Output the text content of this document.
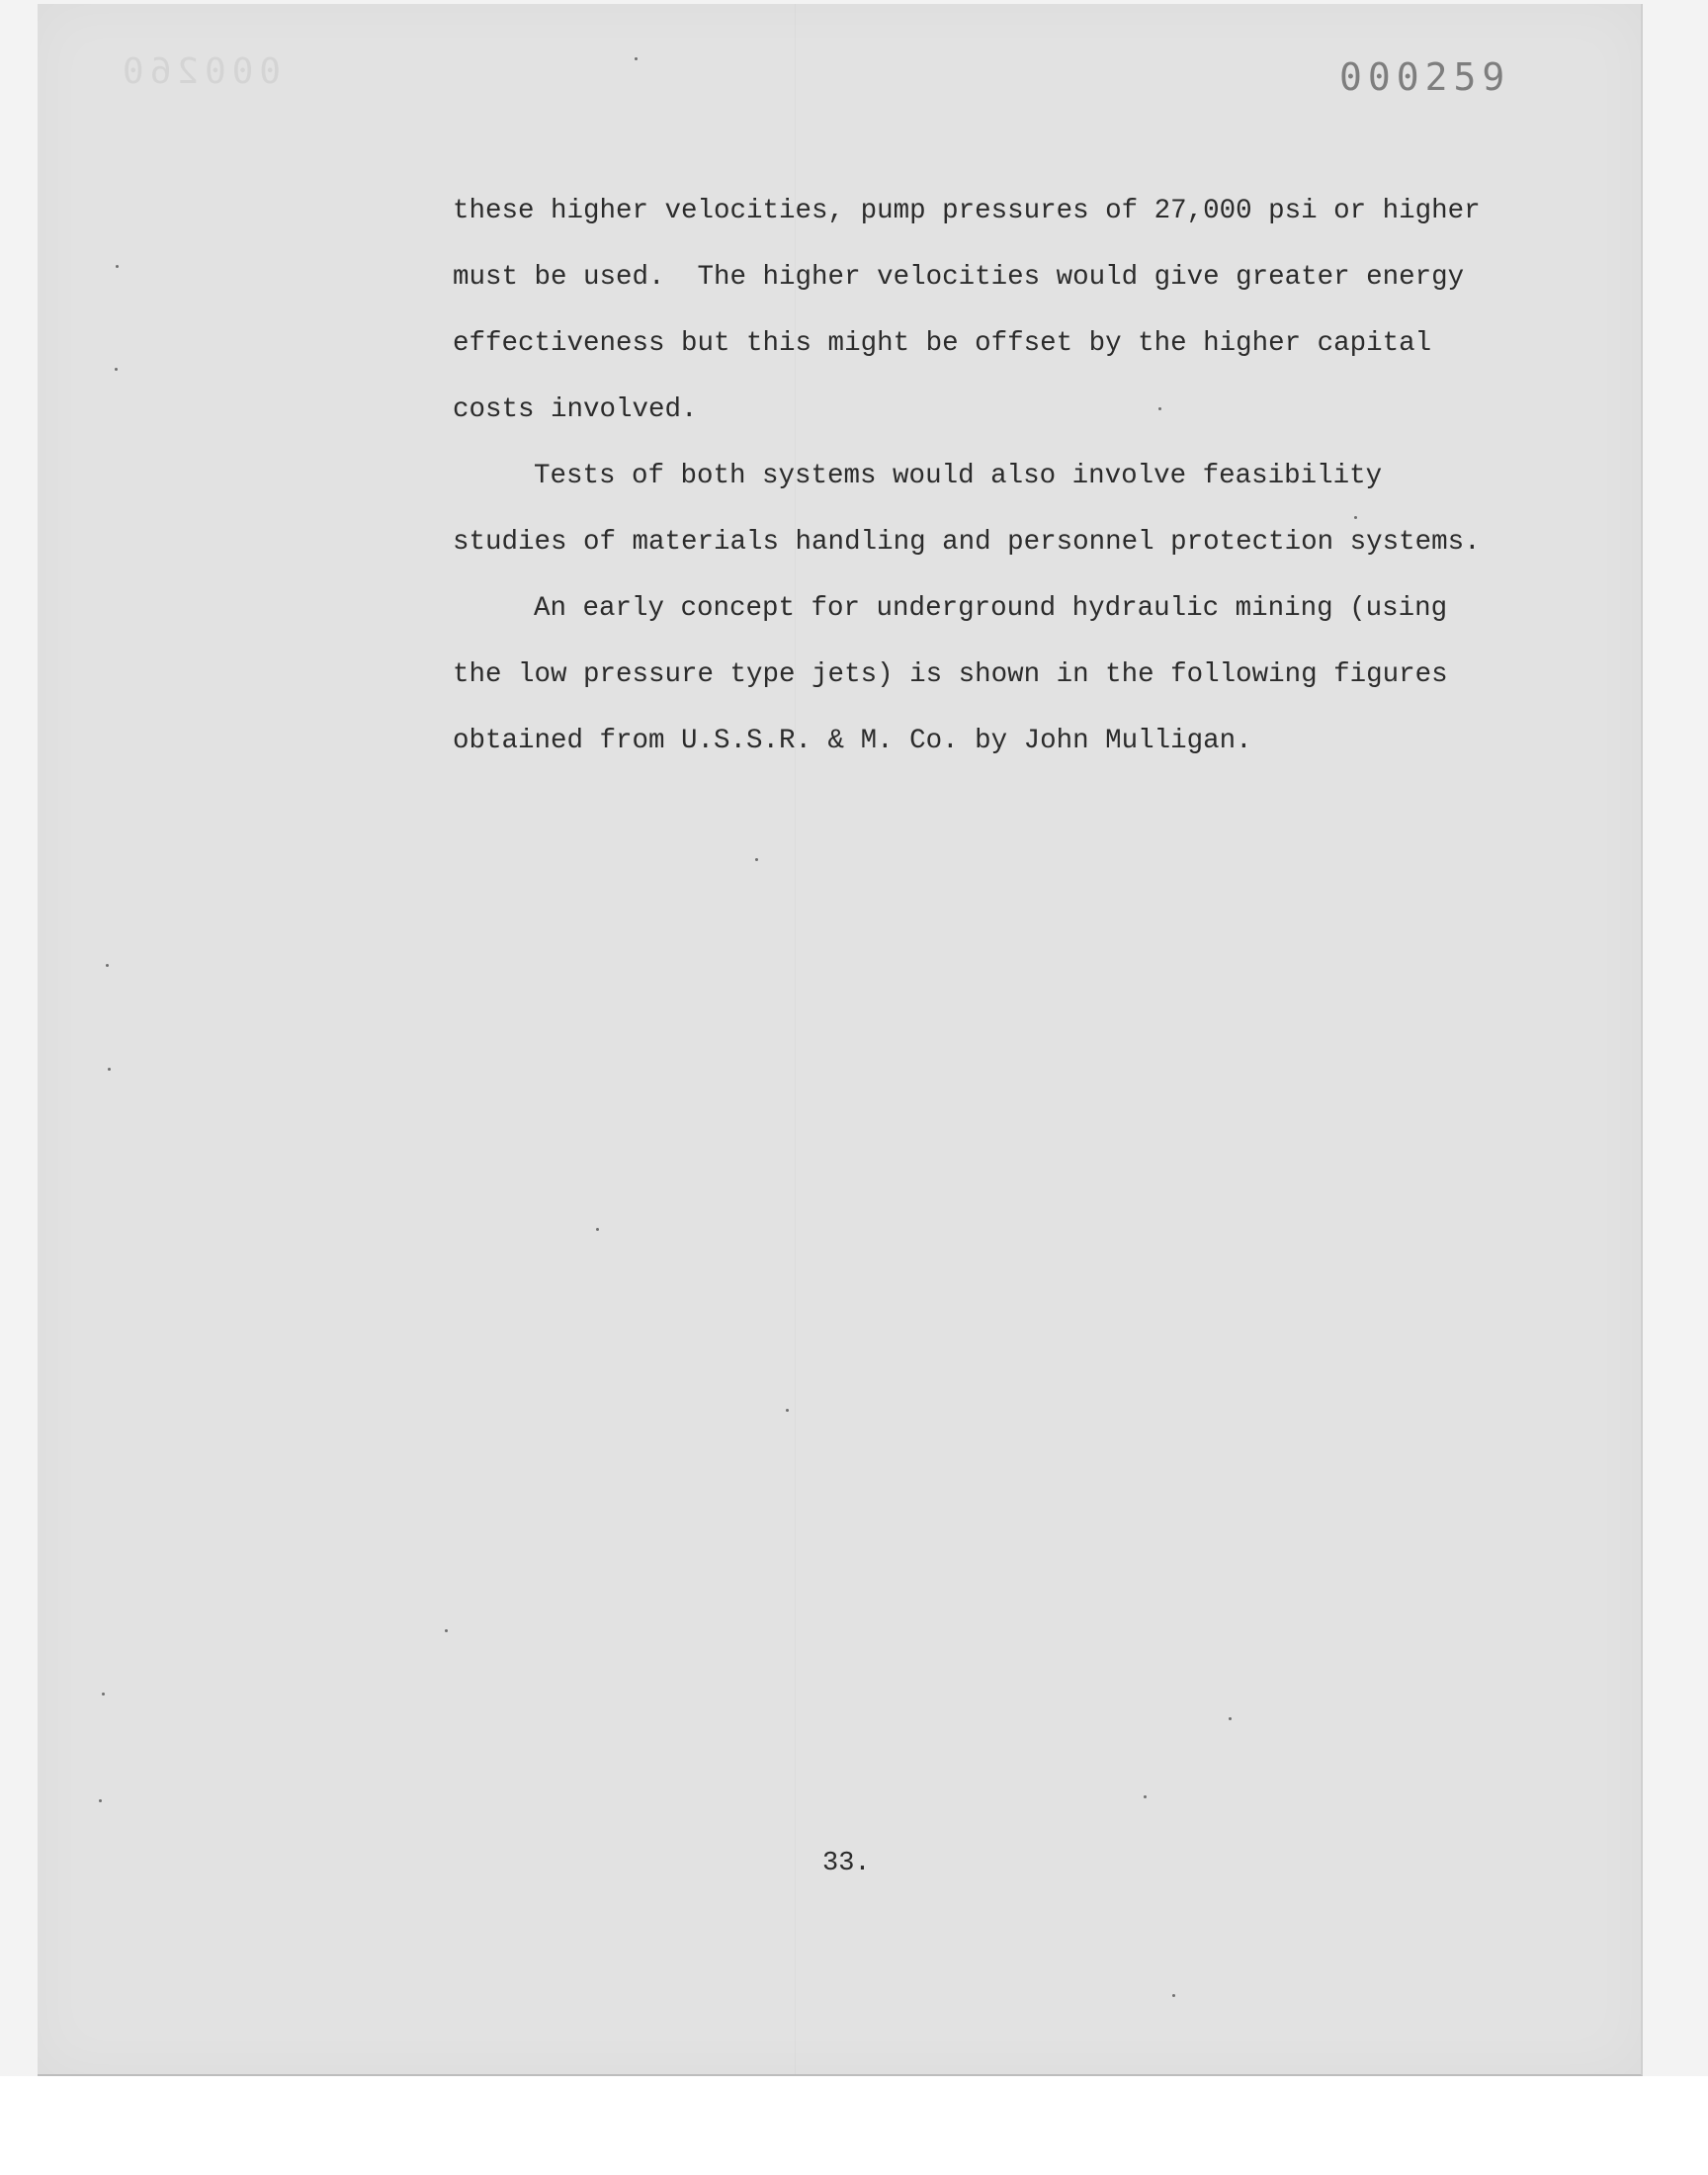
000260	000259
these higher velocities, pump pressures of 27,000 psi or higher
must be used.  The higher velocities would give greater energy
effectiveness but this might be offset by the higher capital
costs involved.
Tests of both systems would also involve feasibility
studies of materials handling and personnel protection systems.
An early concept for underground hydraulic mining (using
the low pressure type jets) is shown in the following figures
obtained from U.S.S.R. & M. Co. by John Mulligan.
33.
